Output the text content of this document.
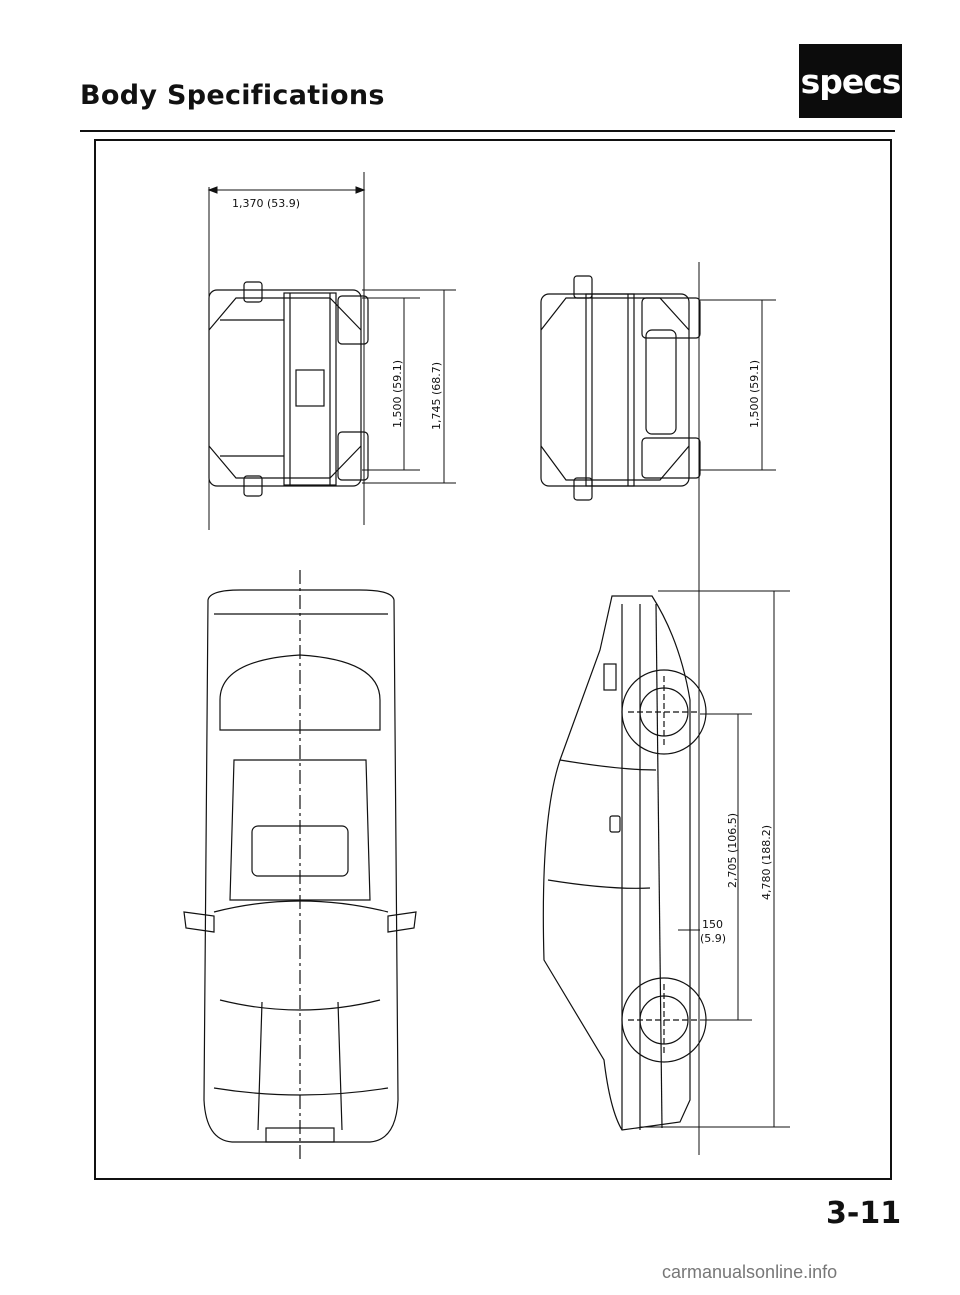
Body Specifications	specs
1,370 (53.9)
1,500 (59.1) 1,745 (68.7)	1,500 (59.1)
2,705 (106.5) 4,780 (188.2)
150
(5.9)
3-11
carmanualsonline.info
